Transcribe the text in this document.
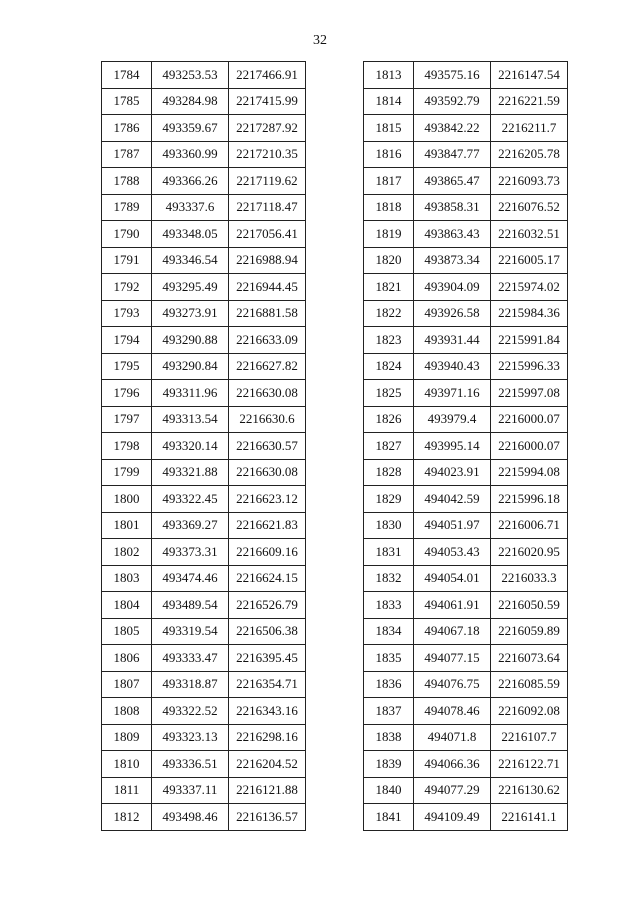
32
1784	493253.53	2217466.91
1785	493284.98	2217415.99
1786	493359.67	2217287.92
1787	493360.99	2217210.35
1788	493366.26	2217119.62
1789	493337.6	2217118.47
1790	493348.05	2217056.41
1791	493346.54	2216988.94
1792	493295.49	2216944.45
1793	493273.91	2216881.58
1794	493290.88	2216633.09
1795	493290.84	2216627.82
1796	493311.96	2216630.08
1797	493313.54	2216630.6
1798	493320.14	2216630.57
1799	493321.88	2216630.08
1800	493322.45	2216623.12
1801	493369.27	2216621.83
1802	493373.31	2216609.16
1803	493474.46	2216624.15
1804	493489.54	2216526.79
1805	493319.54	2216506.38
1806	493333.47	2216395.45
1807	493318.87	2216354.71
1808	493322.52	2216343.16
1809	493323.13	2216298.16
1810	493336.51	2216204.52
1811	493337.11	2216121.88
1812	493498.46	2216136.57
1813	493575.16	2216147.54
1814	493592.79	2216221.59
1815	493842.22	2216211.7
1816	493847.77	2216205.78
1817	493865.47	2216093.73
1818	493858.31	2216076.52
1819	493863.43	2216032.51
1820	493873.34	2216005.17
1821	493904.09	2215974.02
1822	493926.58	2215984.36
1823	493931.44	2215991.84
1824	493940.43	2215996.33
1825	493971.16	2215997.08
1826	493979.4	2216000.07
1827	493995.14	2216000.07
1828	494023.91	2215994.08
1829	494042.59	2215996.18
1830	494051.97	2216006.71
1831	494053.43	2216020.95
1832	494054.01	2216033.3
1833	494061.91	2216050.59
1834	494067.18	2216059.89
1835	494077.15	2216073.64
1836	494076.75	2216085.59
1837	494078.46	2216092.08
1838	494071.8	2216107.7
1839	494066.36	2216122.71
1840	494077.29	2216130.62
1841	494109.49	2216141.1
